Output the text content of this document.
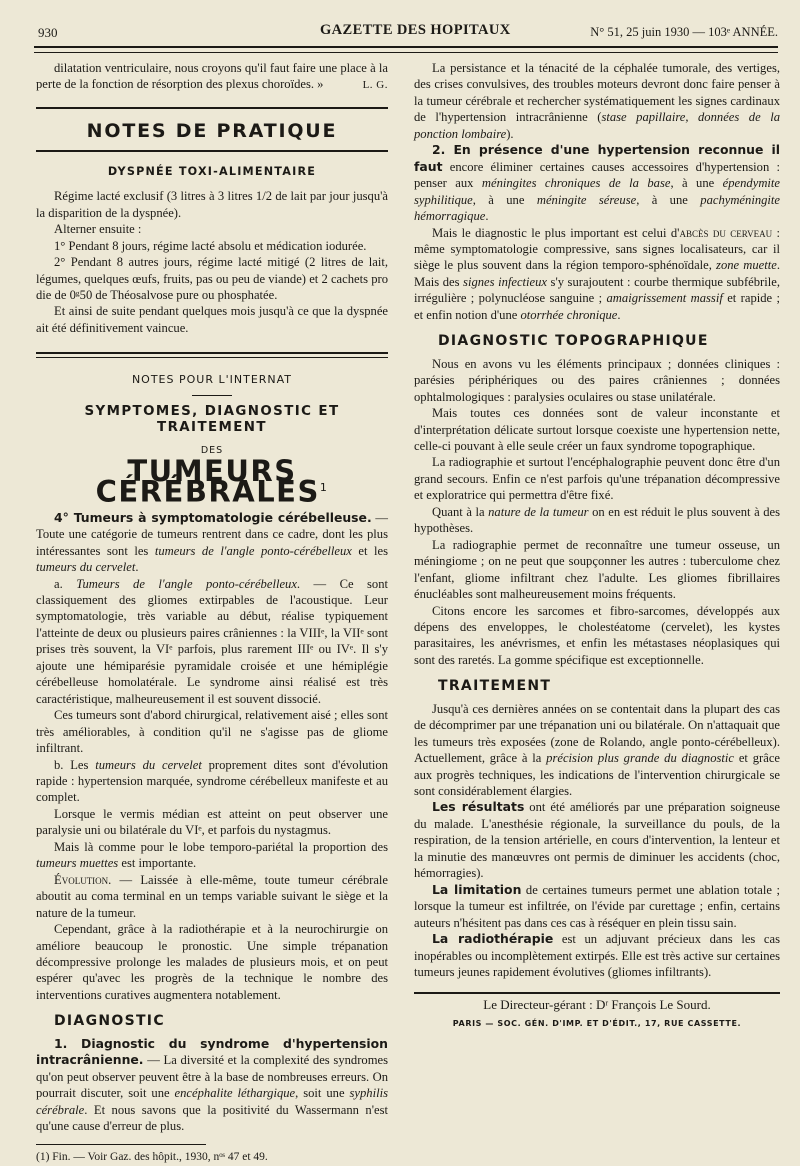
930	GAZETTE DES HOPITAUX	N° 51, 25 juin 1930 — 103ᵉ ANNÉE.

dilatation ventriculaire, nous croyons qu'il faut faire une place à la perte de la fonction de résorption des plexus choroïdes. »	L. G.
NOTES DE PRATIQUE
DYSPNÉE TOXI-ALIMENTAIRE

Régime lacté exclusif (3 litres à 3 litres 1/2 de lait par jour jusqu'à la disparition de la dyspnée).

Alterner ensuite :

1° Pendant 8 jours, régime lacté absolu et médication iodurée.

2° Pendant 8 autres jours, régime lacté mitigé (2 litres de lait, légumes, quelques œufs, fruits, pas ou peu de viande) et 2 cachets pro die de 0ᵍ50 de Théosalvose pure ou phosphatée.

Et ainsi de suite pendant quelques mois jusqu'à ce que la dyspnée ait été définitivement vaincue.

NOTES POUR L'INTERNAT
SYMPTOMES, DIAGNOSTIC ET TRAITEMENT
DES
TUMEURS CÉRÉBRALES$^1$

4° Tumeurs à symptomatologie cérébelleuse. — Toute une catégorie de tumeurs rentrent dans ce cadre, dont les plus intéressantes sont les tumeurs de l'angle ponto-cérébelleux et les tumeurs du cervelet.

a. Tumeurs de l'angle ponto-cérébelleux. — Ce sont classiquement des gliomes extirpables de l'acoustique. Leur symptomatologie, très variable au début, réalise typiquement l'atteinte de deux ou plusieurs paires crâniennes : la VIIIᵉ, la VIIᵉ sont prises très souvent, la VIᵉ parfois, plus rarement IIIᵉ ou IVᵉ. Il s'y ajoute une hémiparésie pyramidale croisée et une hémiplégie cérébelleuse homolatérale. Le syndrome ainsi réalisé est très caractéristique, malheureusement il est souvent dissocié.

Ces tumeurs sont d'abord chirurgical, relativement aisé ; elles sont très améliorables, à condition qu'il ne s'agisse pas de gliome infiltrant.

b. Les tumeurs du cervelet proprement dites sont d'évolution rapide : hypertension marquée, syndrome cérébelleux manifeste et au complet.

Lorsque le vermis médian est atteint on peut observer une paralysie uni ou bilatérale du VIᵉ, et parfois du nystagmus.

Mais là comme pour le lobe temporo-pariétal la proportion des tumeurs muettes est importante.

Évolution. — Laissée à elle-même, toute tumeur cérébrale aboutit au coma terminal en un temps variable suivant le siège et la nature de la tumeur.

Cependant, grâce à la radiothérapie et à la neurochirurgie on améliore beaucoup le pronostic. Une simple trépanation décompressive prolonge les malades de plusieurs mois, et on peut espérer qu'avec les progrès de la technique le nombre des interventions curatives augmentera notablement.

DIAGNOSTIC

1. Diagnostic du syndrome d'hypertension intracrânienne. — La diversité et la complexité des syndromes qu'on peut observer peuvent être à la base de nombreuses erreurs. On pourrait discuter, soit une encéphalite léthargique, soit une syphilis cérébrale. Et nous savons que la positivité du Wassermann n'est qu'une cause d'erreur de plus.

(1) Fin. — Voir Gaz. des hôpit., 1930, nᵒˢ 47 et 49.

La persistance et la ténacité de la céphalée tumorale, des vertiges, des crises convulsives, des troubles moteurs devront donc faire penser à la tumeur cérébrale et rechercher systématiquement les signes cardinaux de l'hypertension intracrânienne (stase papillaire, données de la ponction lombaire).

2. En présence d'une hypertension reconnue il faut encore éliminer certaines causes accessoires d'hypertension : penser aux méningites chroniques de la base, à une épendymite syphilitique, à une méningite séreuse, à une pachyméningite hémorragique.

Mais le diagnostic le plus important est celui d'abcès du cerveau : même symptomatologie compressive, sans signes localisateurs, car il siège le plus souvent dans la région temporo-sphénoïdale, zone muette. Mais des signes infectieux s'y surajoutent : courbe thermique subfébrile, irrégulière ; polynucléose sanguine ; amaigrissement massif et rapide ; et enfin notion d'une otorrhée chronique.

DIAGNOSTIC TOPOGRAPHIQUE

Nous en avons vu les éléments principaux ; données cliniques : parésies périphériques ou des paires crâniennes ; données ophtalmologiques : paralysies oculaires ou stase unilatérale.

Mais toutes ces données sont de valeur inconstante et d'interprétation délicate surtout lorsque coexiste une hypertension nette, celle-ci pouvant à elle seule créer un faux syndrome topographique.

La radiographie et surtout l'encéphalographie peuvent donc être d'un grand secours. Enfin ce n'est parfois qu'une trépanation décompressive et exploratrice qui permettra d'être fixé.

Quant à la nature de la tumeur on en est réduit le plus souvent à des hypothèses.

La radiographie permet de reconnaître une tumeur osseuse, un méningiome ; on ne peut que soupçonner les autres : tuberculome chez l'enfant, gliome infiltrant chez l'adulte. Les gliomes fibrillaires énucléables sont malheureusement moins fréquents.

Citons encore les sarcomes et fibro-sarcomes, développés aux dépens des enveloppes, le cholestéatome (cervelet), les kystes parasitaires, les anévrismes, et enfin les métastases néoplasiques qui sont des raretés. La gomme spécifique est exceptionnelle.

TRAITEMENT

Jusqu'à ces dernières années on se contentait dans la plupart des cas de décomprimer par une trépanation uni ou bilatérale. On n'attaquait que les tumeurs très exposées (zone de Rolando, angle ponto-cérébelleux). Actuellement, grâce à la précision plus grande du diagnostic et grâce aux progrès techniques, les indications de l'intervention chirurgicale se sont considérablement élargies.

Les résultats ont été améliorés par une préparation soigneuse du malade. L'anesthésie régionale, la surveillance du pouls, de la respiration, de la tension artérielle, en cours d'intervention, la lenteur et la minutie des manœuvres ont permis de diminuer les accidents (choc, hémorragies).

La limitation de certaines tumeurs permet une ablation totale ; lorsque la tumeur est infiltrée, on l'évide par curettage ; enfin, certains auteurs n'hésitent pas dans ces cas à réséquer en plein tissu sain.

La radiothérapie est un adjuvant précieux dans les cas inopérables ou incomplètement extirpés. Elle est très active sur certaines tumeurs jeunes rapidement évolutives (gliomes infiltrants).

Le Directeur-gérant : Dʳ François Le Sourd.
PARIS — SOC. GÉN. D'IMP. ET D'ÉDIT., 17, RUE CASSETTE.
